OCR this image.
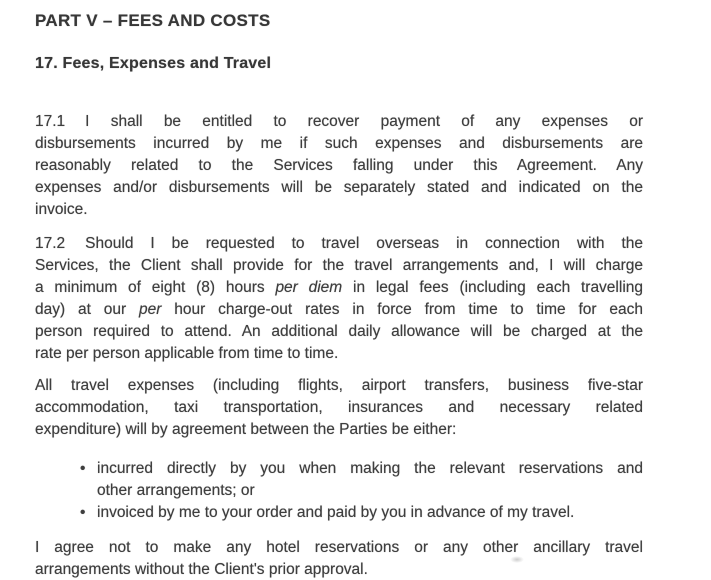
PART V – FEES AND COSTS
17. Fees, Expenses and Travel
17.1 I shall be entitled to recover payment of any expenses or
disbursements incurred by me if such expenses and disbursements are
reasonably related to the Services falling under this Agreement. Any
expenses and/or disbursements will be separately stated and indicated on the
invoice.
17.2 Should I be requested to travel overseas in connection with the
Services, the Client shall provide for the travel arrangements and, I will charge
a minimum of eight (8) hours per diem in legal fees (including each travelling
day) at our per hour charge-out rates in force from time to time for each
person required to attend. An additional daily allowance will be charged at the
rate per person applicable from time to time.
All travel expenses (including flights, airport transfers, business five-star
accommodation, taxi transportation, insurances and necessary related
expenditure) will by agreement between the Parties be either:
• incurred directly by you when making the relevant reservations and
other arrangements; or
• invoiced by me to your order and paid by you in advance of my travel.
I agree not to make any hotel reservations or any other ancillary travel
arrangements without the Client's prior approval.
